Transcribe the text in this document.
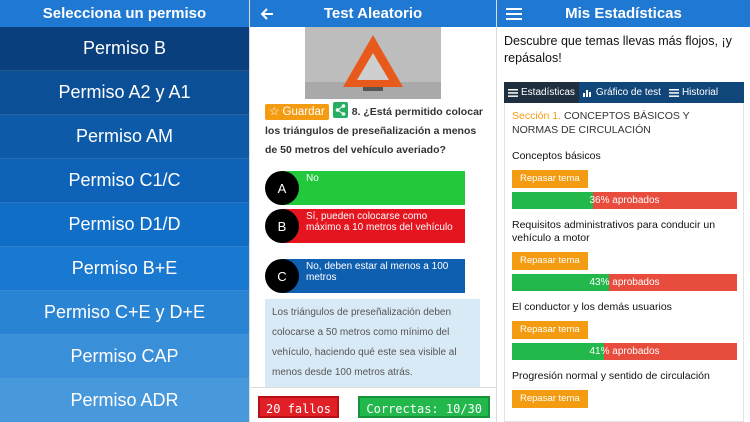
Selecciona un permiso
Permiso B
Permiso A2 y A1
Permiso AM
Permiso C1/C
Permiso D1/D
Permiso B+E
Permiso C+E y D+E
Permiso CAP
Permiso ADR
Test Aleatorio
☆ Guardar	8. ¿Está permitido colocar los triángulos de preseñalización a menos de 50 metros del vehículo averiado?
No
A
Sí, pueden colocarse como máximo a 10 metros del vehículo
B
No, deben estar al menos a 100 metros
C
Los triángulos de preseñalización deben colocarse a 50 metros como mínimo del vehículo, haciendo qué este sea visible al menos desde 100 metros atrás.
20 fallos	Correctas: 10/30
Mis Estadísticas
Descubre que temas llevas más flojos, ¡y repásalos!
Estadísticas Gráfico de test Historial
Sección 1. CONCEPTOS BÁSICOS Y NORMAS DE CIRCULACIÓN
Conceptos básicos
Repasar tema
36% aprobados
Requisitos administrativos para conducir un vehículo a motor
Repasar tema
43% aprobados
El conductor y los demás usuarios
Repasar tema
41% aprobados
Progresión normal y sentido de circulación
Repasar tema
